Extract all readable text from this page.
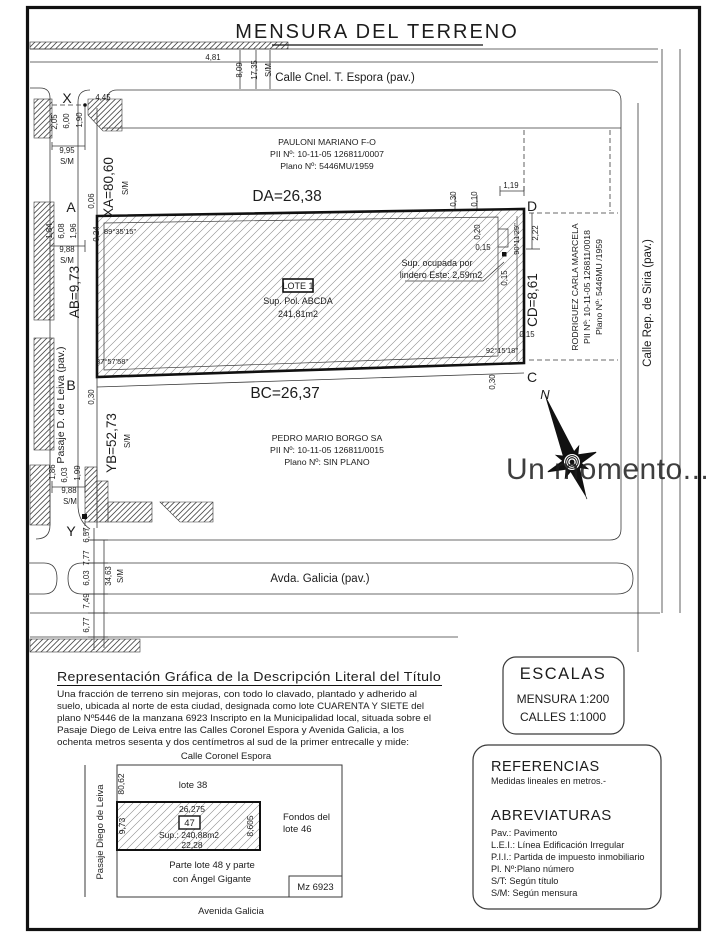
MENSURA DEL TERRENO
Calle Cnel. T. Espora (pav.)
Calle Rep. de Siria (pav.)
Pasaje D. de Leiva (pav.)
Avda. Galicia (pav.)
A
B	C
D
X
Y
DA=26,38
BC=26,37
AB=9,73	CD=8,61
XA=80,60 S/M
YB=52,73 S/M
89°35'15"
87°57'58"
92°15'18"
90°11'29"
LOTE 1
Sup. Pol. ABCDA
241,81m2
Sup. ocupada por
lindero Este: 2,59m2
PAULONI MARIANO F-O
PII Nº: 10-11-05 126811/0007
Plano Nº: 5446MU/1959
RODRIGUEZ CARLA MARCELA PII Nº: 10-11-05 126811/0018 Plano Nº: 5446MU /1959
PEDRO MARIO BORGO SA
PII Nº: 10-11-05 126811/0015
Plano Nº: SIN PLANO
4,81
8,09 17,35 S/M
4,45
2,05 6,00 1,90
9,95
S/M
0,06
1,84 6,08 1,96 0,24
9,88
S/M
1,19
0,30 0,10
0,20
0,15
2,22
0,15
0,15
0,30
0,30
1,86 6,03 1,99
9,88
S/M
6,57
7,77
6,03
7,49
6,77
34,63 S/M
N
Representación Gráfica de la Descripción Literal del Título
Una fracción de terreno sin mejoras, con todo lo clavado, plantado y adherido al
suelo, ubicada al norte de esta ciudad, designada como lote CUARENTA Y SIETE del
plano Nº5446 de la manzana 6923 Inscripto en la Municipalidad local, situada sobre el
Pasaje Diego de Leiva entre las Calles Coronel Espora y Avenida Galicia, a los
ochenta metros sesenta y dos centímetros al sud de la primer entrecalle y mide:
Calle Coronel Espora
Pasaje Diego de Leiva
80,62	lote 38
26,275
47
Sup.: 240,88m2
22,28
9,73	8,605	Fondos del
lote 46
Parte lote 48 y parte
con Ángel Gigante
Mz 6923
Avenida Galicia
ESCALAS
MENSURA 1:200
CALLES 1:1000
REFERENCIAS
Medidas lineales en metros.-
ABREVIATURAS
Pav.: Pavimento
L.E.I.: Línea Edificación Irregular
P.I.I.: Partida de impuesto inmobiliario
Pl. Nº:Plano número
S/T: Según título
S/M: Según mensura
Un momento...
